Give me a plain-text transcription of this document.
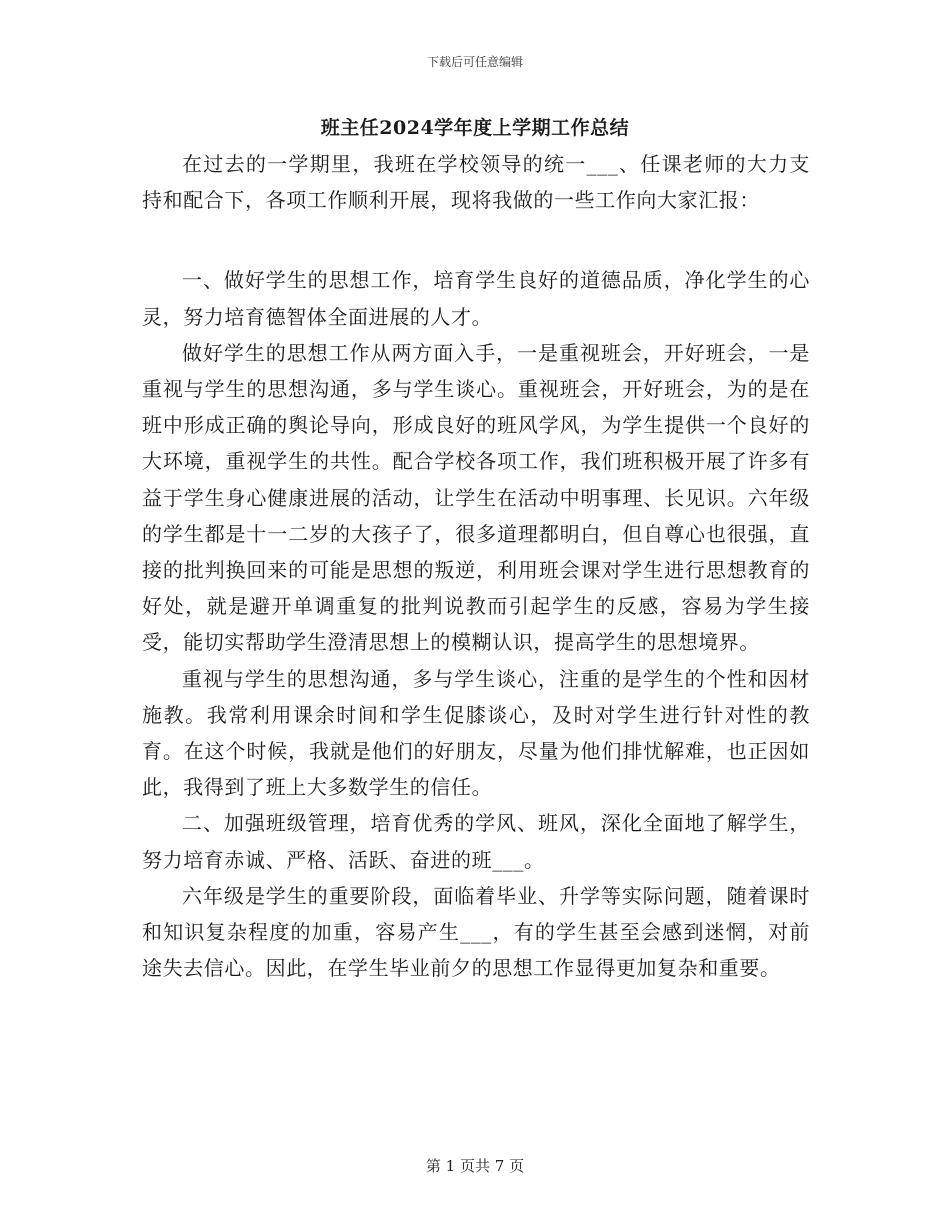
下载后可任意编辑
班主任2024学年度上学期工作总结

在过去的一学期里，我班在学校领导的统一___、任课老师的大力支持和配合下，各项工作顺利开展，现将我做的一些工作向大家汇报：

一、做好学生的思想工作，培育学生良好的道德品质，净化学生的心灵，努力培育德智体全面进展的人才。

做好学生的思想工作从两方面入手，一是重视班会，开好班会，一是重视与学生的思想沟通，多与学生谈心。重视班会，开好班会，为的是在班中形成正确的舆论导向，形成良好的班风学风，为学生提供一个良好的大环境，重视学生的共性。配合学校各项工作，我们班积极开展了许多有益于学生身心健康进展的活动，让学生在活动中明事理、长见识。六年级的学生都是十一二岁的大孩子了，很多道理都明白，但自尊心也很强，直接的批判换回来的可能是思想的叛逆，利用班会课对学生进行思想教育的好处，就是避开单调重复的批判说教而引起学生的反感，容易为学生接受，能切实帮助学生澄清思想上的模糊认识，提高学生的思想境界。

重视与学生的思想沟通，多与学生谈心，注重的是学生的个性和因材施教。我常利用课余时间和学生促膝谈心，及时对学生进行针对性的教育。在这个时候，我就是他们的好朋友，尽量为他们排忧解难，也正因如此，我得到了班上大多数学生的信任。

二、加强班级管理，培育优秀的学风、班风，深化全面地了解学生，努力培育赤诚、严格、活跃、奋进的班___。

六年级是学生的重要阶段，面临着毕业、升学等实际问题，随着课时和知识复杂程度的加重，容易产生___，有的学生甚至会感到迷惘，对前途失去信心。因此，在学生毕业前夕的思想工作显得更加复杂和重要。

第 1 页共 7 页
